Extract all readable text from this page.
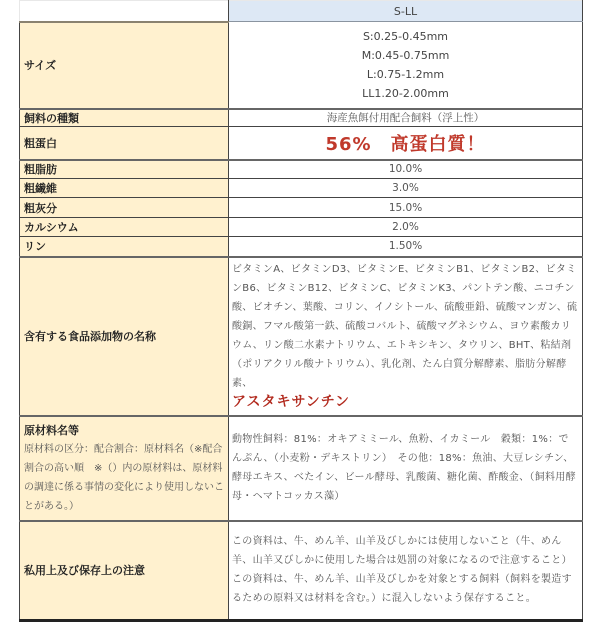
	S-LL
サイズ	S:0.25-0.45mm
M:0.45-0.75mm
L:0.75-1.2mm
LL1.20-2.00mm

飼料の種類	海産魚餌付用配合飼料（浮上性）
粗蛋白	56%　高蛋白質！
粗脂肪	10.0%
粗繊維	3.0%
粗灰分	15.0%
カルシウム	2.0%
リン	1.50%
含有する食品添加物の名称	ビタミンA、ビタミンD3、ビタミンE、ビタミンB1、ビタミンB2、ビタミンB6、ビタミンB12、ビタミンC、ビタミンK3、パントテン酸、ニコチン酸、ビオチン、葉酸、コリン、イノシトール、硫酸亜鉛、硫酸マンガン、硫酸銅、フマル酸第一鉄、硫酸コバルト、硫酸マグネシウム、ヨウ素酸カリウム、リン酸二水素ナトリウム、エトキシキン、タウリン、BHT、粘結剤（ポリアクリル酸ナトリウム）、乳化剤、たん白質分解酵素、脂肪分解酵素、
アスタキサンチン

原材料名等
原材料の区分：配合割合：原材料名（※配合割合の高い順　※（）内の原材料は、原材料の調達に係る事情の変化により使用しないことがある。）	動物性飼料：81%：オキアミミール、魚粉、イカミール　穀類：1%：でんぷん、（小麦粉・デキストリン）　その他：18%：魚油、大豆レシチン、酵母エキス、べたイン、ビール酵母、乳酸菌、糖化菌、酢酸金、（飼料用酵母・ヘマトコッカス藻）
私用上及び保存上の注意	この資料は、牛、めん羊、山羊及びしかには使用しないこと（牛、めん羊、山羊又びしかに使用した場合は処罰の対象になるので注意すること）この資料は、牛、めん羊、山羊及びしかを対象とする飼料（飼料を製造するための原料又は材料を含む。）に混入しないよう保存すること。
